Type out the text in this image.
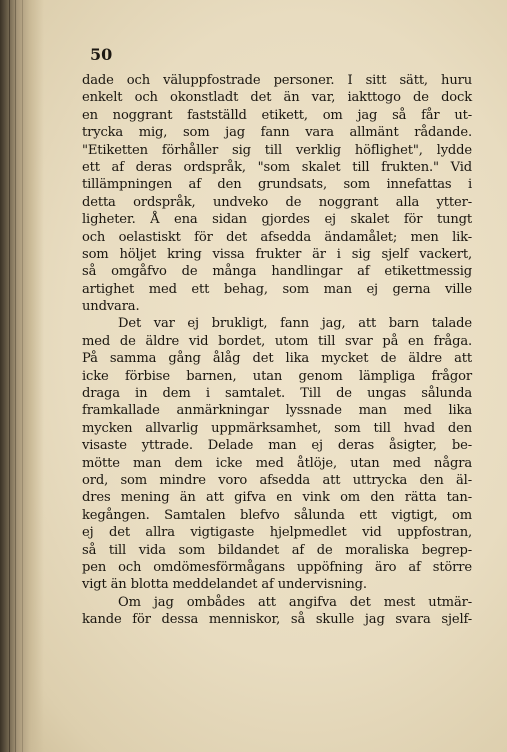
50
dade och väluppfostrade personer. I sitt sätt, huru
enkelt och okonstladt det än var, iakttogo de dock
en noggrant fastställd etikett, om jag så får ut-
trycka mig, som jag fann vara allmänt rådande.
"Etiketten förhåller sig till verklig höflighet", lydde
ett af deras ordspråk, "som skalet till frukten." Vid
tillämpningen af den grundsats, som innefattas i
detta ordspråk, undveko de noggrant alla ytter-
ligheter. Å ena sidan gjordes ej skalet för tungt
och oelastiskt för det afsedda ändamålet; men lik-
som höljet kring vissa frukter är i sig sjelf vackert,
så omgåfvo de många handlingar af etikettmessig
artighet med ett behag, som man ej gerna ville
undvara.
Det var ej brukligt, fann jag, att barn talade
med de äldre vid bordet, utom till svar på en fråga.
På samma gång ålåg det lika mycket de äldre att
icke förbise barnen, utan genom lämpliga frågor
draga in dem i samtalet. Till de ungas sålunda
framkallade anmärkningar lyssnade man med lika
mycken allvarlig uppmärksamhet, som till hvad den
visaste yttrade. Delade man ej deras åsigter, be-
mötte man dem icke med åtlöje, utan med några
ord, som mindre voro afsedda att uttrycka den äl-
dres mening än att gifva en vink om den rätta tan-
kegången. Samtalen blefvo sålunda ett vigtigt, om
ej det allra vigtigaste hjelpmedlet vid uppfostran,
så till vida som bildandet af de moraliska begrep-
pen och omdömesförmågans uppöfning äro af större
vigt än blotta meddelandet af undervisning.
Om jag ombådes att angifva det mest utmär-
kande för dessa menniskor, så skulle jag svara sjelf-
